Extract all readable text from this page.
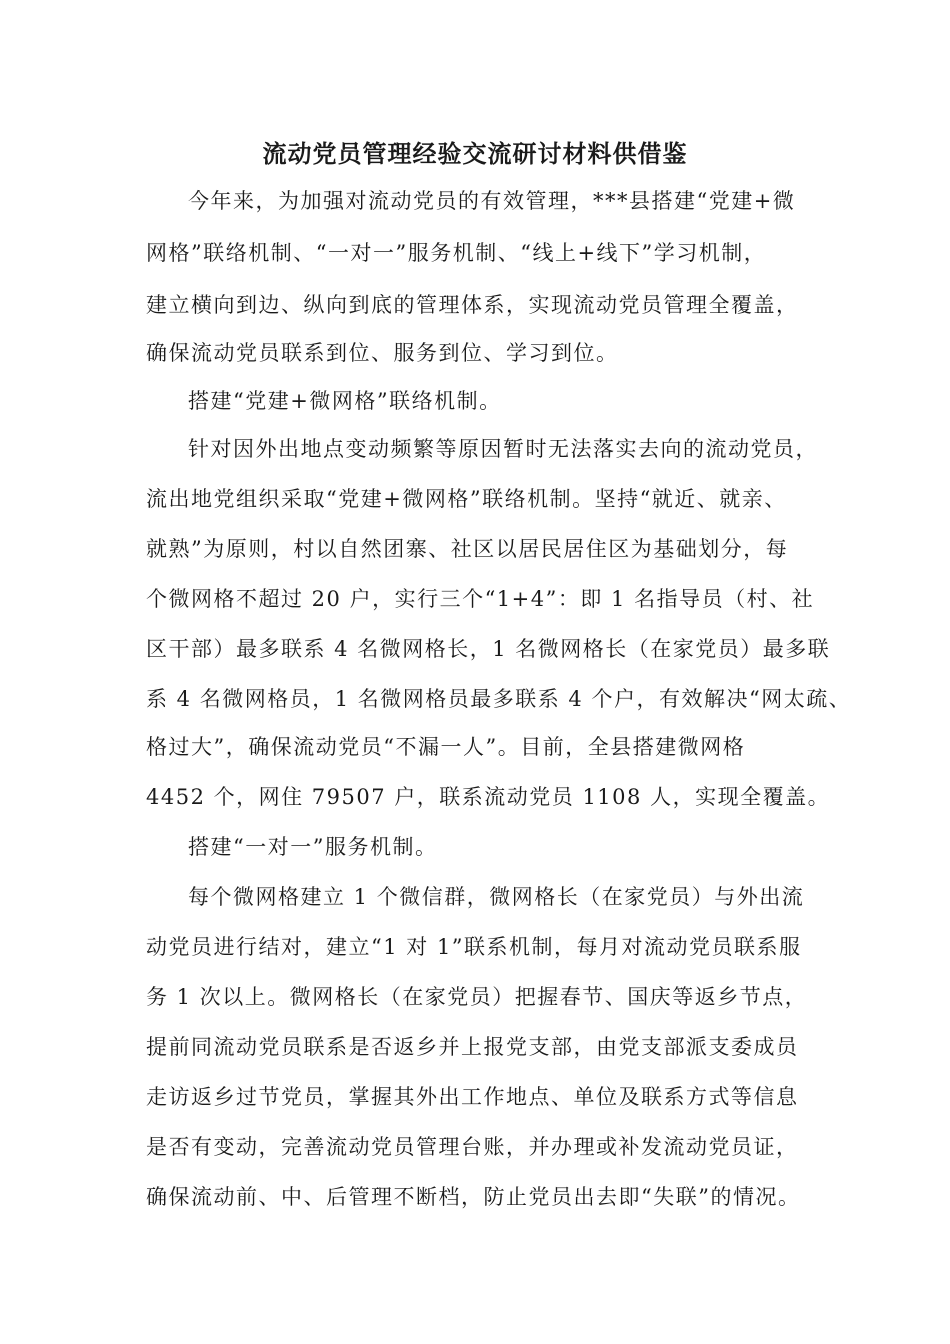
流动党员管理经验交流研讨材料供借鉴
今年来，为加强对流动党员的有效管理，***县搭建“党建+微
网格”联络机制、“一对一”服务机制、“线上+线下”学习机制，
建立横向到边、纵向到底的管理体系，实现流动党员管理全覆盖，
确保流动党员联系到位、服务到位、学习到位。
搭建“党建+微网格”联络机制。
针对因外出地点变动频繁等原因暂时无法落实去向的流动党员，
流出地党组织采取“党建+微网格”联络机制。坚持“就近、就亲、
就熟”为原则，村以自然团寨、社区以居民居住区为基础划分，每
个微网格不超过 20 户，实行三个“1+4”：即 1 名指导员（村、社
区干部）最多联系 4 名微网格长，1 名微网格长（在家党员）最多联
系 4 名微网格员，1 名微网格员最多联系 4 个户，有效解决“网太疏、
格过大”，确保流动党员“不漏一人”。目前，全县搭建微网格
4452 个，网住 79507 户，联系流动党员 1108 人，实现全覆盖。
搭建“一对一”服务机制。
每个微网格建立 1 个微信群，微网格长（在家党员）与外出流
动党员进行结对，建立“1 对 1”联系机制，每月对流动党员联系服
务 1 次以上。微网格长（在家党员）把握春节、国庆等返乡节点，
提前同流动党员联系是否返乡并上报党支部，由党支部派支委成员
走访返乡过节党员，掌握其外出工作地点、单位及联系方式等信息
是否有变动，完善流动党员管理台账，并办理或补发流动党员证，
确保流动前、中、后管理不断档，防止党员出去即“失联”的情况。
